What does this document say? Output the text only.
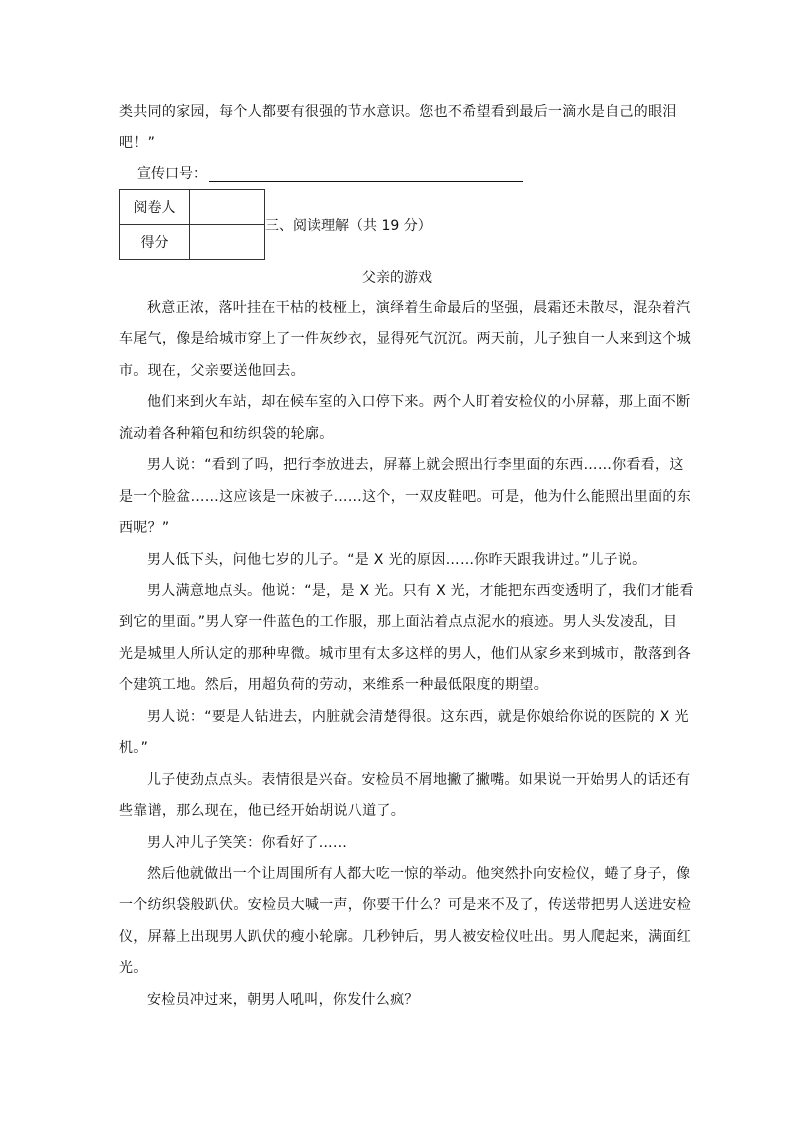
类共同的家园，每个人都要有很强的节水意识。您也不希望看到最后一滴水是自己的眼泪
吧！”
宣传口号：
阅卷人	
得分	
三、阅读理解（共 19 分）
父亲的游戏
秋意正浓，落叶挂在干枯的枝桠上，演绎着生命最后的坚强，晨霜还未散尽，混杂着汽
车尾气，像是给城市穿上了一件灰纱衣，显得死气沉沉。两天前，儿子独自一人来到这个城
市。现在，父亲要送他回去。
他们来到火车站，却在候车室的入口停下来。两个人盯着安检仪的小屏幕，那上面不断
流动着各种箱包和纺织袋的轮廓。
男人说：“看到了吗，把行李放进去，屏幕上就会照出行李里面的东西……你看看，这
是一个脸盆……这应该是一床被子……这个，一双皮鞋吧。可是，他为什么能照出里面的东
西呢？”
男人低下头，问他七岁的儿子。“是 X 光的原因……你昨天跟我讲过。”儿子说。
男人满意地点头。他说：“是，是 X 光。只有 X 光，才能把东西变透明了，我们才能看
到它的里面。”男人穿一件蓝色的工作服，那上面沾着点点泥水的痕迹。男人头发凌乱，目
光是城里人所认定的那种卑微。城市里有太多这样的男人，他们从家乡来到城市，散落到各
个建筑工地。然后，用超负荷的劳动，来维系一种最低限度的期望。
男人说：“要是人钻进去，内脏就会清楚得很。这东西，就是你娘给你说的医院的 X 光
机。”
儿子使劲点点头。表情很是兴奋。安检员不屑地撇了撇嘴。如果说一开始男人的话还有
些靠谱，那么现在，他已经开始胡说八道了。
男人冲儿子笑笑：你看好了……
然后他就做出一个让周围所有人都大吃一惊的举动。他突然扑向安检仪，蜷了身子，像
一个纺织袋般趴伏。安检员大喊一声，你要干什么？可是来不及了，传送带把男人送进安检
仪，屏幕上出现男人趴伏的瘦小轮廓。几秒钟后，男人被安检仪吐出。男人爬起来，满面红
光。
安检员冲过来，朝男人吼叫，你发什么疯？
